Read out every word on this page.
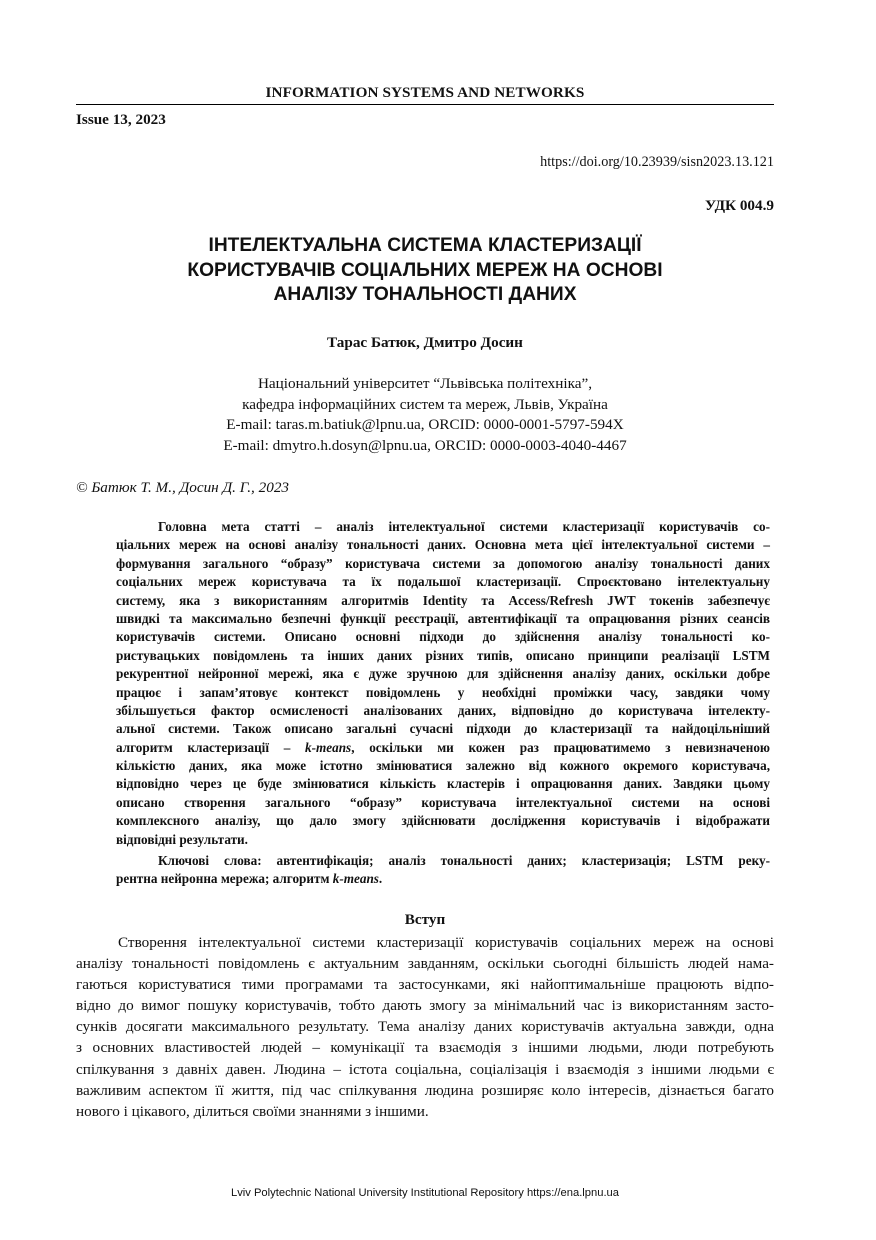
INFORMATION SYSTEMS AND NETWORKS
Issue 13, 2023
https://doi.org/10.23939/sisn2023.13.121
УДК 004.9
ІНТЕЛЕКТУАЛЬНА СИСТЕМА КЛАСТЕРИЗАЦІЇ
КОРИСТУВАЧІВ СОЦІАЛЬНИХ МЕРЕЖ НА ОСНОВІ
АНАЛІЗУ ТОНАЛЬНОСТІ ДАНИХ
Тарас Батюк, Дмитро Досин
Національний університет “Львівська політехніка”,
кафедра інформаційних систем та мереж, Львів, Україна
E-mail: taras.m.batiuk@lpnu.ua, ORCID: 0000-0001-5797-594X
E-mail: dmytro.h.dosyn@lpnu.ua, ORCID: 0000-0003-4040-4467
© Батюк Т. М., Досин Д. Г., 2023
Головна мета статті – аналіз інтелектуальної системи кластеризації користувачів со-
ціальних мереж на основі аналізу тональності даних. Основна мета цієї інтелектуальної системи –
формування загального “образу” користувача системи за допомогою аналізу тональності даних
соціальних мереж користувача та їх подальшої кластеризації. Спроєктовано інтелектуальну
систему, яка з використанням алгоритмів Identity та Access/Refresh JWT токенів забезпечує
швидкі та максимально безпечні функції реєстрації, автентифікації та опрацювання різних сеансів
користувачів системи. Описано основні підходи до здійснення аналізу тональності ко-
ристувацьких повідомлень та інших даних різних типів, описано принципи реалізації LSTM
рекурентної нейронної мережі, яка є дуже зручною для здійснення аналізу даних, оскільки добре
працює і запам’ятовує контекст повідомлень у необхідні проміжки часу, завдяки чому
збільшується фактор осмисленості аналізованих даних, відповідно до користувача інтелекту-
альної системи. Також описано загальні сучасні підходи до кластеризації та найдоцільніший
алгоритм кластеризації – k-means, оскільки ми кожен раз працюватимемо з невизначеною
кількістю даних, яка може істотно змінюватися залежно від кожного окремого користувача,
відповідно через це буде змінюватися кількість кластерів і опрацювання даних. Завдяки цьому
описано створення загального “образу” користувача інтелектуальної системи на основі
комплексного аналізу, що дало змогу здійснювати дослідження користувачів і відображати
відповідні результати.
Ключові слова: автентифікація; аналіз тональності даних; кластеризація; LSTM реку-
рентна нейронна мережа; алгоритм k-means.
Вступ
Створення інтелектуальної системи кластеризації користувачів соціальних мереж на основі
аналізу тональності повідомлень є актуальним завданням, оскільки сьогодні більшість людей нама-
гаються користуватися тими програмами та застосунками, які найоптимальніше працюють відпо-
відно до вимог пошуку користувачів, тобто дають змогу за мінімальний час із використанням засто-
сунків досягати максимального результату. Тема аналізу даних користувачів актуальна завжди, одна
з основних властивостей людей – комунікації та взаємодія з іншими людьми, люди потребують
спілкування з давніх давен. Людина – істота соціальна, соціалізація і взаємодія з іншими людьми є
важливим аспектом її життя, під час спілкування людина розширяє коло інтересів, дізнається багато
нового і цікавого, ділиться своїми знаннями з іншими.
Lviv Polytechnic National University Institutional Repository https://ena.lpnu.ua
